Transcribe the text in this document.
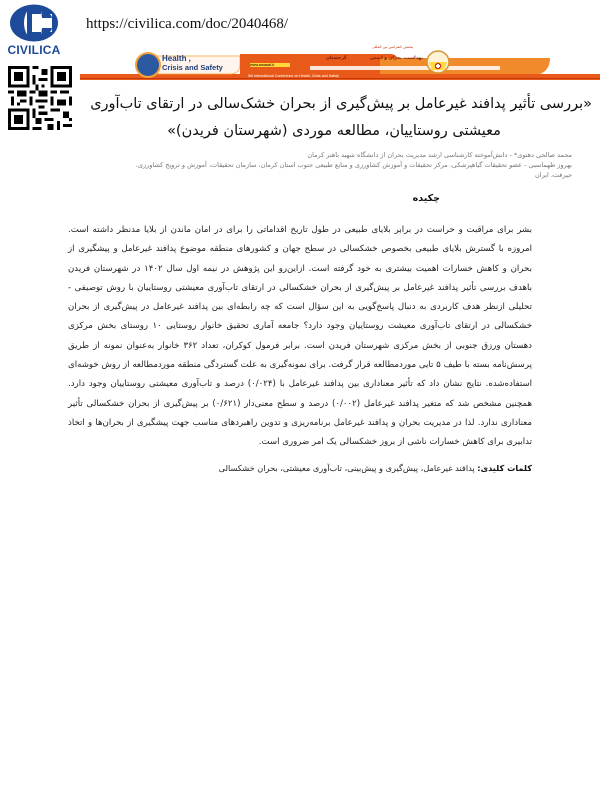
CIVILICA
https://civilica.com/doc/2040468/
Health ,
Crisis and Safety	www.amaaaf.ir
5th International Conference on Health, Crisis and Safety
پنجمین کنفرانس بین المللی
بهداشت، بحران و ایمنی
گرجستان
«بررسی تأثیر پدافند غیرعامل بر پیش‌گیری از بحران خشک‌سالی در ارتقای تاب‌آوری
معیشتی روستاییان، مطالعه موردی (شهرستان فریدن)»
محمد صالحی دهنوی* - دانش‌آموخته کارشناسی ارشد مدیریت بحران از دانشگاه شهید باهنر کرمان
بهروز طهماسبی - عضو تحقیقات گیاهپزشکی، مرکز تحقیقات و آموزش کشاورزی و منابع طبیعی جنوب استان کرمان، سازمان تحقیقات، آموزش و ترویج کشاورزی،
جیرفت، ایران
چکیده

بشر برای مراقبت و حراست در برابر بلایای طبیعی در طول تاریخ اقداماتی را برای در امان ماندن از بلایا مدنظر داشته است. امروزه با گسترش بلایای طبیعی بخصوص خشکسالی در سطح جهان و کشورهای منطقه موضوع پدافند غیرعامل و پیشگیری از بحران و کاهش خسارات اهمیت بیشتری به خود گرفته است. ازاین‌رو این پژوهش در نیمه اول سال ۱۴۰۲ در شهرستان فریدن باهدف بررسی تأثیر پدافند غیرعامل بر پیش‌گیری از بحران خشکسالی در ارتقای تاب‌آوری معیشتی روستاییان با روش توصیفی - تحلیلی ازنظر هدف کاربردی به دنبال پاسخ‌گویی به این سؤال است که چه رابطه‌ای بین پدافند غیرعامل در پیش‌گیری از بحران خشکسالی در ارتقای تاب‌آوری معیشت روستاییان وجود دارد؟ جامعه آماری تحقیق خانوار روستایی ۱۰ روستای بخش مرکزی دهستان ورزق جنوبی از بخش مرکزی شهرستان فریدن است. برابر فرمول کوکران، تعداد ۳۶۲ خانوار به‌عنوان نمونه از طریق پرسش‌نامه بسته با طیف ۵ تایی موردمطالعه قرار گرفت. برای نمونه‌گیری به علت گستردگی منطقه موردمطالعه از روش خوشه‌ای استفاده‌شده. نتایج نشان داد که تأثیر معناداری بین پدافند غیرعامل با (۰/۰۲۴) درصد و تاب‌آوری معیشتی روستاییان وجود دارد. همچنین مشخص شد که متغیر پدافند غیرعامل (۰/۰۰۲) درصد و سطح معنی‌دار (۰/۶۲۱) بر پیش‌گیری از بحران خشکسالی تأثیر معناداری ندارد. لذا در مدیریت بحران و پدافند غیرعامل برنامه‌ریزی و تدوین راهبردهای مناسب جهت پیشگیری از بحران‌ها و اتخاذ تدابیری برای کاهش خسارات ناشی از بروز خشکسالی یک امر ضروری است.

کلمات کلیدی: پدافند غیرعامل، پیش‌گیری و پیش‌بینی، تاب‌آوری معیشتی، بحران خشکسالی
